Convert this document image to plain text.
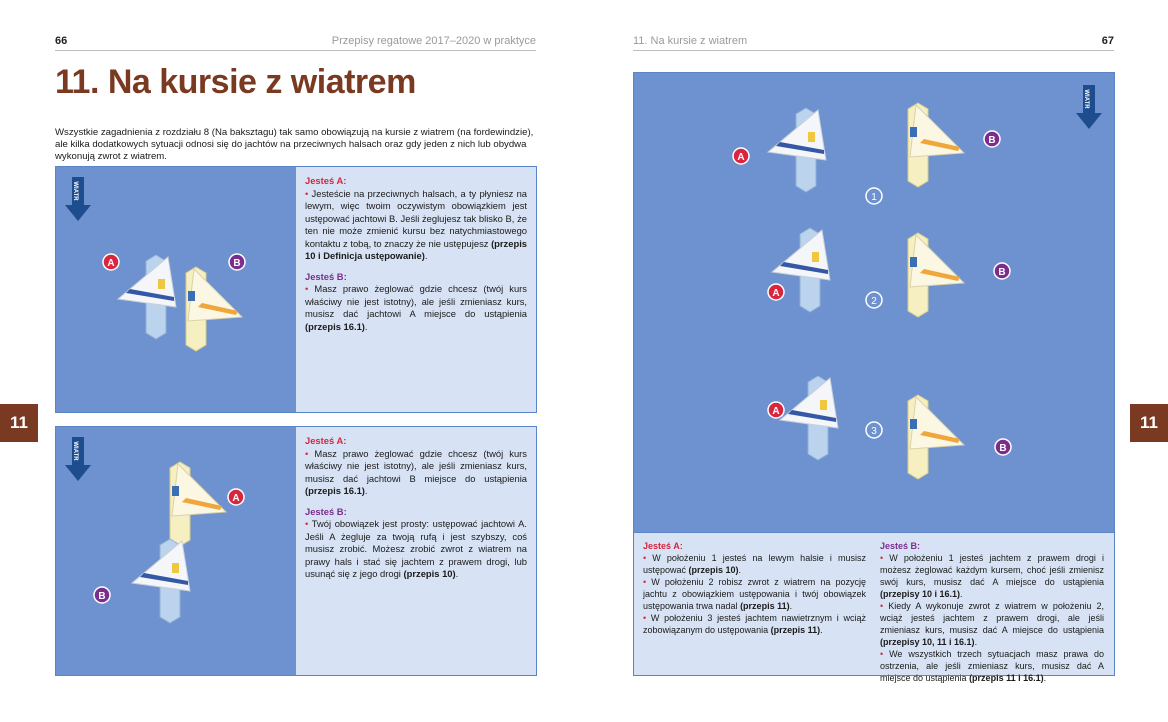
66	Przepisy regatowe 2017–2020 w praktyce
11. Na kursie z wiatrem
Wszystkie zagadnienia z rozdziału 8 (Na baksztagu) tak samo obowiązują na kursie z wiatrem (na fordewindzie), ale kilka dodatkowych sytuacji odnosi się do jachtów na przeciwnych halsach oraz gdy jeden z nich lub obydwa wykonują zwrot z wiatrem.
11
WIATR
A	B

Jesteś A:

• Jesteście na przeciwnych halsach, a ty płyniesz na lewym, więc twoim oczywistym obowiązkiem jest ustępować jachtowi B. Jeśli żeglujesz tak blisko B, że ten nie może zmienić kursu bez natychmiastowego kontaktu z tobą, to znaczy że nie ustępujesz (przepis 10 i Definicja ustępowanie).

Jesteś B:

• Masz prawo żeglować gdzie chcesz (twój kurs właściwy nie jest istotny), ale jeśli zmieniasz kurs, musisz dać jachtowi A miejsce do ustąpienia (przepis 16.1).

WIATR
A
B

Jesteś A:

• Masz prawo żeglować gdzie chcesz (twój kurs właściwy nie jest istotny), ale jeśli zmieniasz kurs, musisz dać jachtowi B miejsce do ustąpienia (przepis 16.1).

Jesteś B:

• Twój obowiązek jest prosty: ustępować jachtowi A. Jeśli A żegluje za twoją rufą i jest szybszy, coś musisz zrobić. Możesz zrobić zwrot z wiatrem na prawy hals i stać się jachtem z prawem drogi, lub usunąć się z jego drogi (przepis 10).

11. Na kursie z wiatrem	67
11
WIATR
A
B
1
A
B
2
A
B
3

Jesteś A:

• W położeniu 1 jesteś na lewym halsie i musisz ustępować (przepis 10).

• W położeniu 2 robisz zwrot z wiatrem na pozycję jachtu z obowiązkiem ustępowania i twój obowiązek ustępowania trwa nadal (przepis 11).

• W położeniu 3 jesteś jachtem nawietrznym i wciąż zobowiązanym do ustępowania (przepis 11).

Jesteś B:

• W położeniu 1 jesteś jachtem z prawem drogi i możesz żeglować każdym kursem, choć jeśli zmienisz swój kurs, musisz dać A miejsce do ustąpienia (przepisy 10 i 16.1).

• Kiedy A wykonuje zwrot z wiatrem w położeniu 2, wciąż jesteś jachtem z prawem drogi, ale jeśli zmieniasz kurs, musisz dać A miejsce do ustąpienia (przepisy 10, 11 i 16.1).

• We wszystkich trzech sytuacjach masz prawa do ostrzenia, ale jeśli zmieniasz kurs, musisz dać A miejsce do ustąpienia (przepis 11 i 16.1).
